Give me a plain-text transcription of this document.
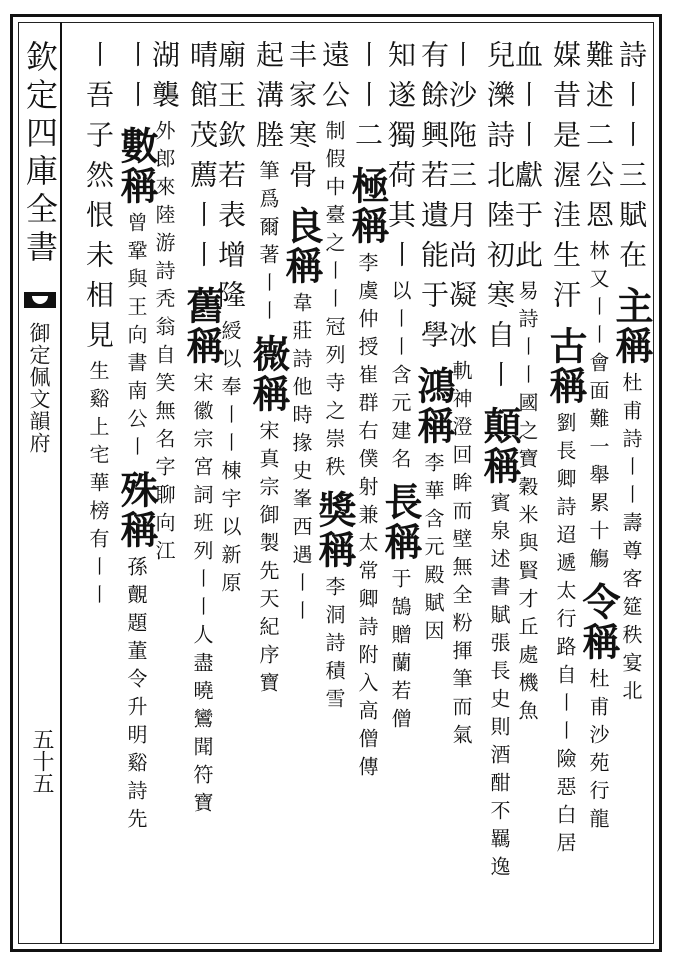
欽定四庫全書
御定佩文韻府
五十五
詩〡〡三賦在主稱杜甫詩〡〡壽尊客筵秩宴北
難述二公恩林又〡〡會面難一舉累十觴令稱杜甫沙苑行龍
媒昔是渥洼生汗古稱劉長卿詩迢遞太行路自〡〡險惡白居
血〡〡獻于此易詩〡〡國之寶穀米與賢才丘處機魚
兒濼詩北陸初寒自〡顛稱賓泉述書賦張長史則酒酣不羈逸
〡沙陁三月尚凝冰軌神澄回眸而壁無全粉揮筆而氣
有餘興若遺能于學鴻稱李華含元殿賦因
知遂獨荷其〡以〡〡含元建名長稱于鵠贈蘭若僧
〡〡二極稱李虞仲授崔群右僕射兼太常卿詩附入高僧傳
遠公制假中臺之〡〡冠列寺之崇秩獎稱李洞詩積雪
丰家寒骨良稱韋莊詩他時掾史峯西遇〡〡
起溝塍筆爲爾著〡〡嶶稱宋真宗御製先天紀序寶
廟王欽若表增隆綬以奉〡〡棟宇以新原
晴館茂薦〡〡舊稱宋徽宗宮詞班列〡〡人盡曉鸞聞符寶
湖襲外郎來陸游詩秃翁自笑無名字聊向江
〡〡數稱曾鞏與王向書南公〡殊稱孫覿題董令升明谿詩先
〡吾子然恨未相見生谿上宅華榜有〡〡
